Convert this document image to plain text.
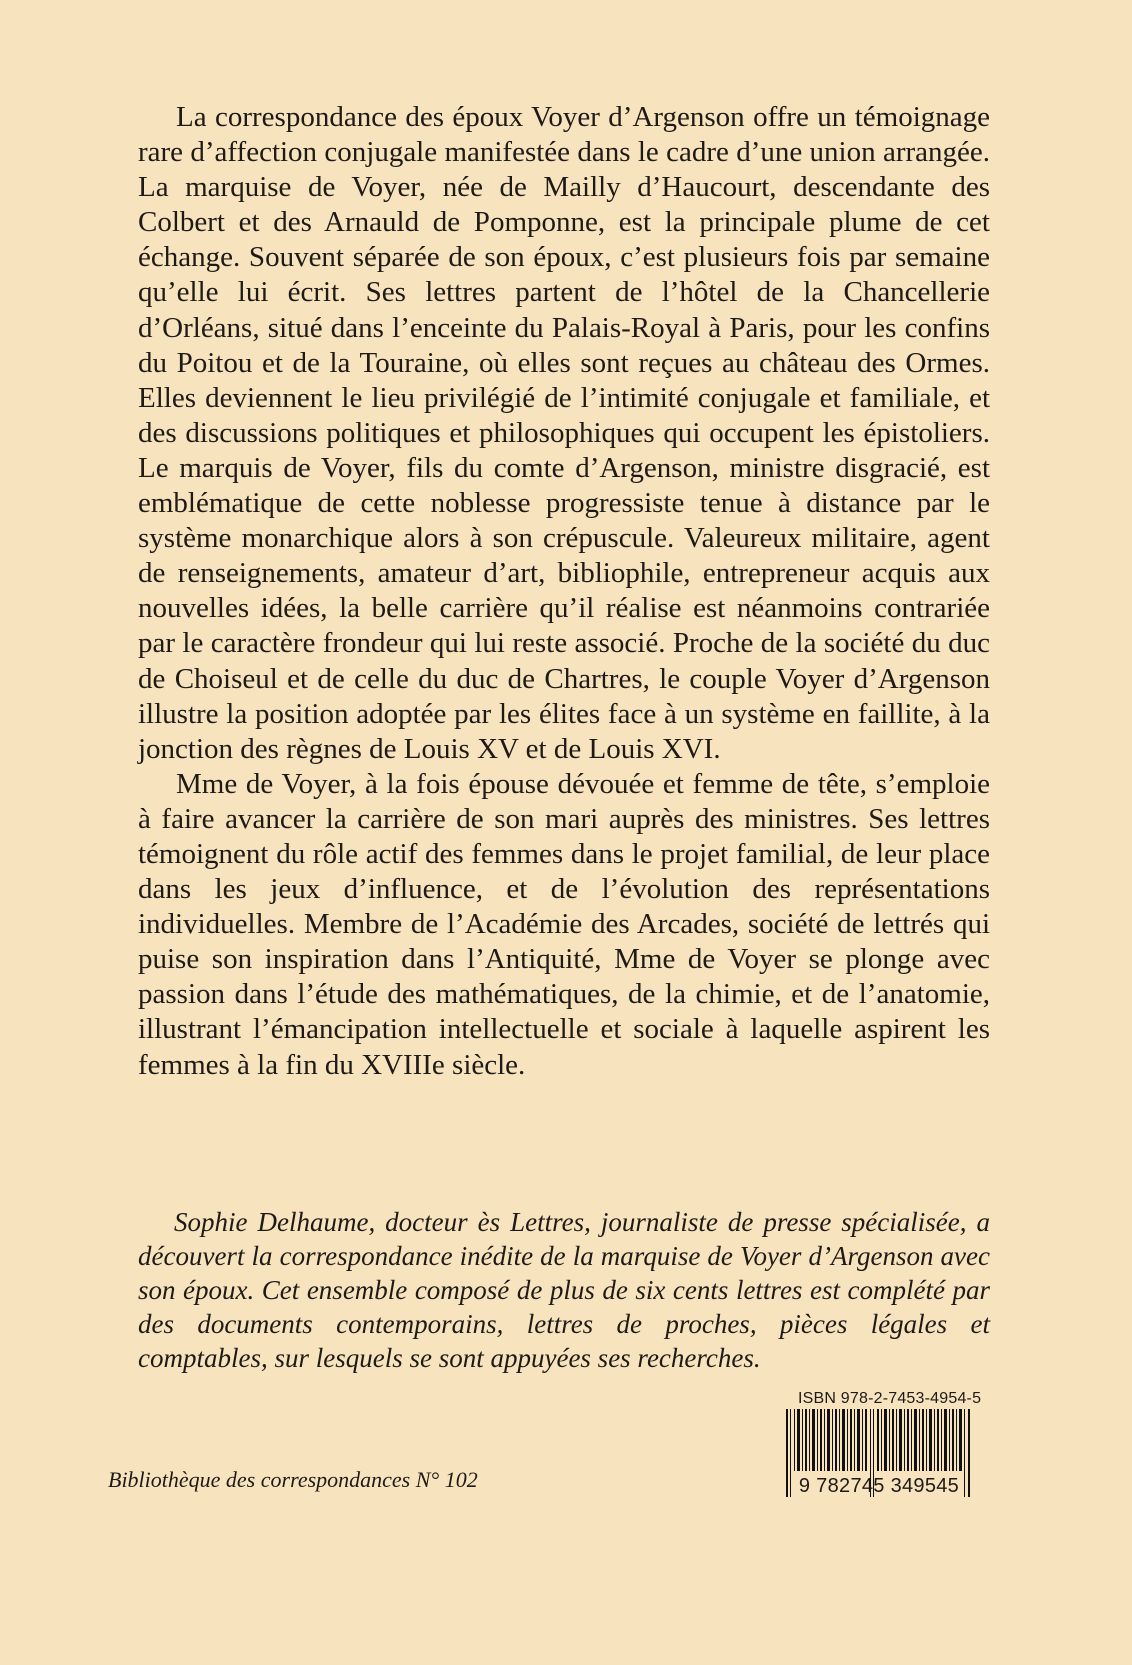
La correspondance des époux Voyer d’Argenson offre un témoignage rare d’affection conjugale manifestée dans le cadre d’une union arrangée. La marquise de Voyer, née de Mailly d’Haucourt, descendante des Colbert et des Arnauld de Pomponne, est la principale plume de cet échange. Souvent séparée de son époux, c’est plusieurs fois par semaine qu’elle lui écrit. Ses lettres partent de l’hôtel de la Chancellerie d’Orléans, situé dans l’enceinte du Palais-Royal à Paris, pour les confins du Poitou et de la Touraine, où elles sont reçues au château des Ormes. Elles deviennent le lieu privilégié de l’intimité conjugale et familiale, et des discussions politiques et philosophiques qui occupent les épistoliers. Le marquis de Voyer, fils du comte d’Argenson, ministre disgracié, est emblématique de cette noblesse progressiste tenue à distance par le système monarchique alors à son crépuscule. Valeureux militaire, agent de renseignements, amateur d’art, bibliophile, entrepreneur acquis aux nouvelles idées, la belle carrière qu’il réalise est néanmoins contrariée par le caractère frondeur qui lui reste associé. Proche de la société du duc de Choiseul et de celle du duc de Chartres, le couple Voyer d’Argenson illustre la position adoptée par les élites face à un système en faillite, à la jonction des règnes de Louis XV et de Louis XVI.

Mme de Voyer, à la fois épouse dévouée et femme de tête, s’emploie à faire avancer la carrière de son mari auprès des ministres. Ses lettres témoignent du rôle actif des femmes dans le projet familial, de leur place dans les jeux d’influence, et de l’évolution des représentations individuelles. Membre de l’Académie des Arcades, société de lettrés qui puise son inspiration dans l’Antiquité, Mme de Voyer se plonge avec passion dans l’étude des mathématiques, de la chimie, et de l’anatomie, illustrant l’émancipation intellectuelle et sociale à laquelle aspirent les femmes à la fin du XVIIIe siècle.

Sophie Delhaume, docteur ès Lettres, journaliste de presse spécialisée, a découvert la correspondance inédite de la marquise de Voyer d’Argenson avec son époux. Cet ensemble composé de plus de six cents lettres est complété par des documents contemporains, lettres de proches, pièces légales et comptables, sur lesquels se sont appuyées ses recherches.

Bibliothèque des correspondances N° 102
ISBN 978-2-7453-4954-5
9 782745 349545
